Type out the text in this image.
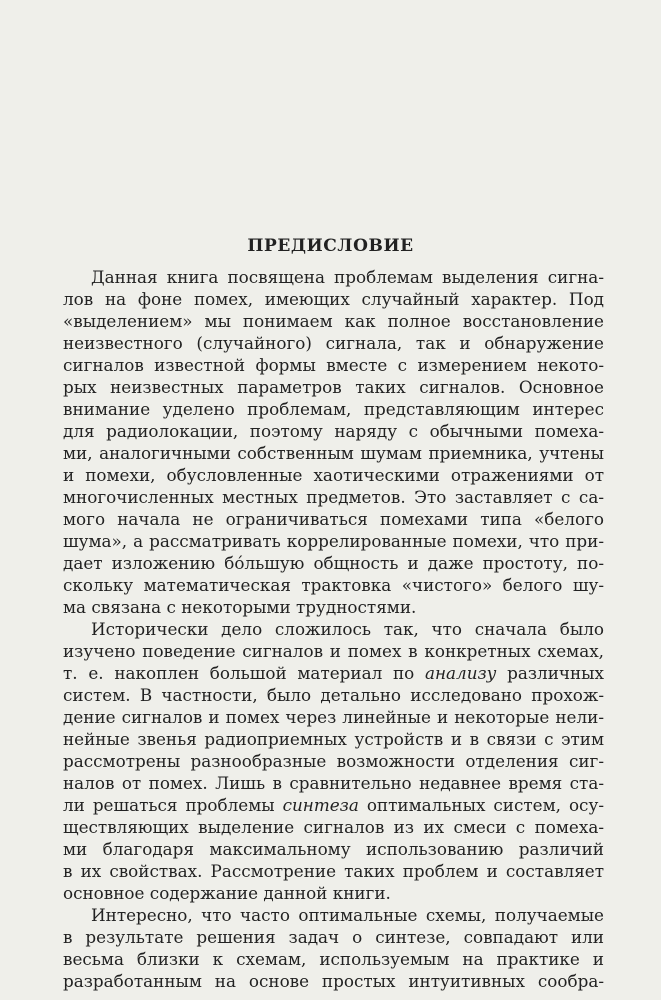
ПРЕДИСЛОВИЕ

Данная книга посвящена проблемам выделения сигна-

лов на фоне помех, имеющих случайный характер. Под

«выделением» мы понимаем как полное восстановление

неизвестного (случайного) сигнала, так и обнаружение

сигналов известной формы вместе с измерением некото-

рых неизвестных параметров таких сигналов. Основное

внимание уделено проблемам, представляющим интерес

для радиолокации, поэтому наряду с обычными помеха-

ми, аналогичными собственным шумам приемника, учтены

и помехи, обусловленные хаотическими отражениями от

многочисленных местных предметов. Это заставляет с са-

мого начала не ограничиваться помехами типа «белого

шума», а рассматривать коррелированные помехи, что при-

дает изложению бо́льшую общность и даже простоту, по-

скольку математическая трактовка «чистого» белого шу-

ма связана с некоторыми трудностями.

Исторически дело сложилось так, что сначала было

изучено поведение сигналов и помех в конкретных схемах,

т. е. накоплен большой материал по анализу различных

систем. В частности, было детально исследовано прохож-

дение сигналов и помех через линейные и некоторые нели-

нейные звенья радиоприемных устройств и в связи с этим

рассмотрены разнообразные возможности отделения сиг-

налов от помех. Лишь в сравнительно недавнее время ста-

ли решаться проблемы синтеза оптимальных систем, осу-

ществляющих выделение сигналов из их смеси с помеха-

ми благодаря максимальному использованию различий

в их свойствах. Рассмотрение таких проблем и составляет

основное содержание данной книги.

Интересно, что часто оптимальные схемы, получаемые

в результате решения задач о синтезе, совпадают или

весьма близки к схемам, используемым на практике и

разработанным на основе простых интуитивных сообра-
